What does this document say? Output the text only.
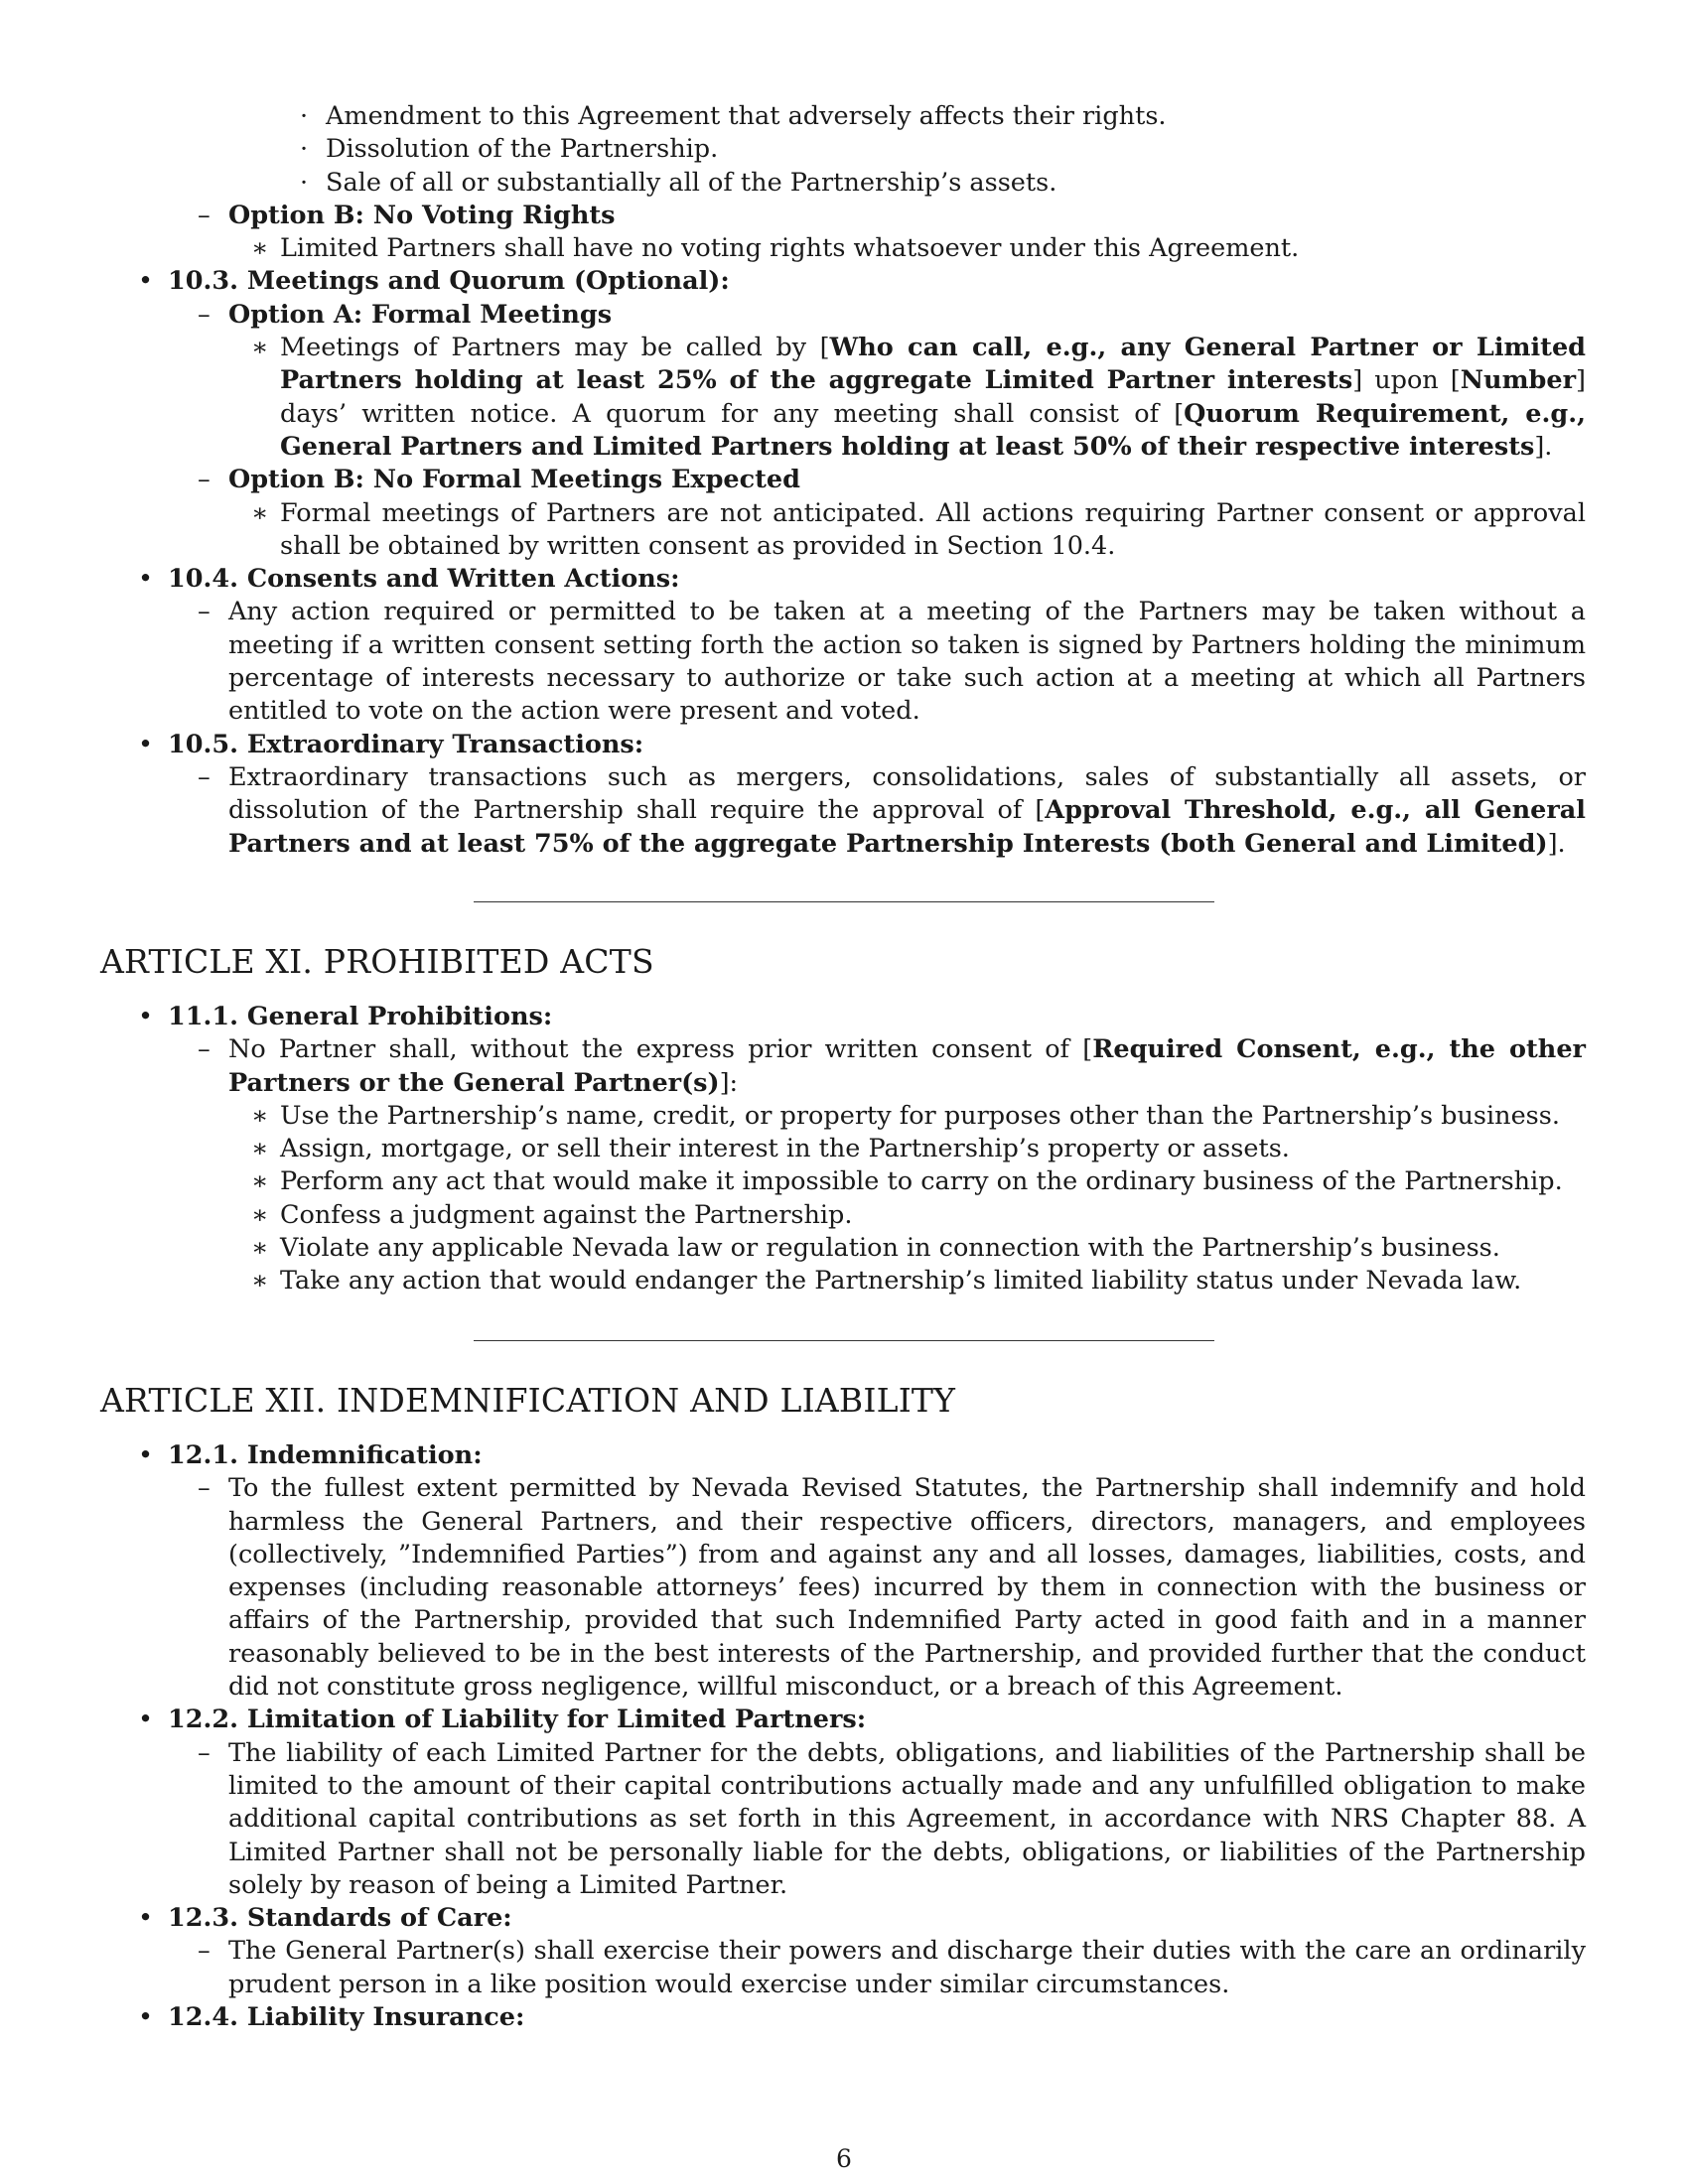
· Amendment to this Agreement that adversely affects their rights.
· Dissolution of the Partnership.
· Sale of all or substantially all of the Partnership’s assets.
– Option B: No Voting Rights
∗ Limited Partners shall have no voting rights whatsoever under this Agreement.
• 10.3. Meetings and Quorum (Optional):
– Option A: Formal Meetings
∗ Meetings of Partners may be called by [Who can call, e.g., any General Partner or Limited Partners holding at least 25% of the aggregate Limited Partner interests] upon [Number] days’ written notice. A quorum for any meeting shall consist of [Quorum Requirement, e.g., General Partners and Limited Partners holding at least 50% of their respective interests].
– Option B: No Formal Meetings Expected
∗ Formal meetings of Partners are not anticipated. All actions requiring Partner consent or approval shall be obtained by written consent as provided in Section 10.4.
• 10.4. Consents and Written Actions:
– Any action required or permitted to be taken at a meeting of the Partners may be taken without a meeting if a written consent setting forth the action so taken is signed by Partners holding the minimum percentage of interests necessary to authorize or take such action at a meeting at which all Partners entitled to vote on the action were present and voted.
• 10.5. Extraordinary Transactions:
– Extraordinary transactions such as mergers, consolidations, sales of substantially all assets, or dissolution of the Partnership shall require the approval of [Approval Threshold, e.g., all General Partners and at least 75% of the aggregate Partnership Interests (both General and Limited)].
ARTICLE XI. PROHIBITED ACTS
• 11.1. General Prohibitions:
– No Partner shall, without the express prior written consent of [Required Consent, e.g., the other Partners or the General Partner(s)]:
∗ Use the Partnership’s name, credit, or property for purposes other than the Partnership’s business.
∗ Assign, mortgage, or sell their interest in the Partnership’s property or assets.
∗ Perform any act that would make it impossible to carry on the ordinary business of the Partnership.
∗ Confess a judgment against the Partnership.
∗ Violate any applicable Nevada law or regulation in connection with the Partnership’s business.
∗ Take any action that would endanger the Partnership’s limited liability status under Nevada law.
ARTICLE XII. INDEMNIFICATION AND LIABILITY
• 12.1. Indemnification:
– To the fullest extent permitted by Nevada Revised Statutes, the Partnership shall indemnify and hold harmless the General Partners, and their respective officers, directors, managers, and employees (collectively, ”Indemnified Parties”) from and against any and all losses, damages, liabilities, costs, and expenses (including reasonable attorneys’ fees) incurred by them in connection with the business or affairs of the Partnership, provided that such Indemnified Party acted in good faith and in a manner reasonably believed to be in the best interests of the Partnership, and provided further that the conduct did not constitute gross negligence, willful misconduct, or a breach of this Agreement.
• 12.2. Limitation of Liability for Limited Partners:
– The liability of each Limited Partner for the debts, obligations, and liabilities of the Partnership shall be limited to the amount of their capital contributions actually made and any unfulfilled obligation to make additional capital contributions as set forth in this Agreement, in accordance with NRS Chapter 88. A Limited Partner shall not be personally liable for the debts, obligations, or liabilities of the Partnership solely by reason of being a Limited Partner.
• 12.3. Standards of Care:
– The General Partner(s) shall exercise their powers and discharge their duties with the care an ordinarily prudent person in a like position would exercise under similar circumstances.
• 12.4. Liability Insurance:
6
